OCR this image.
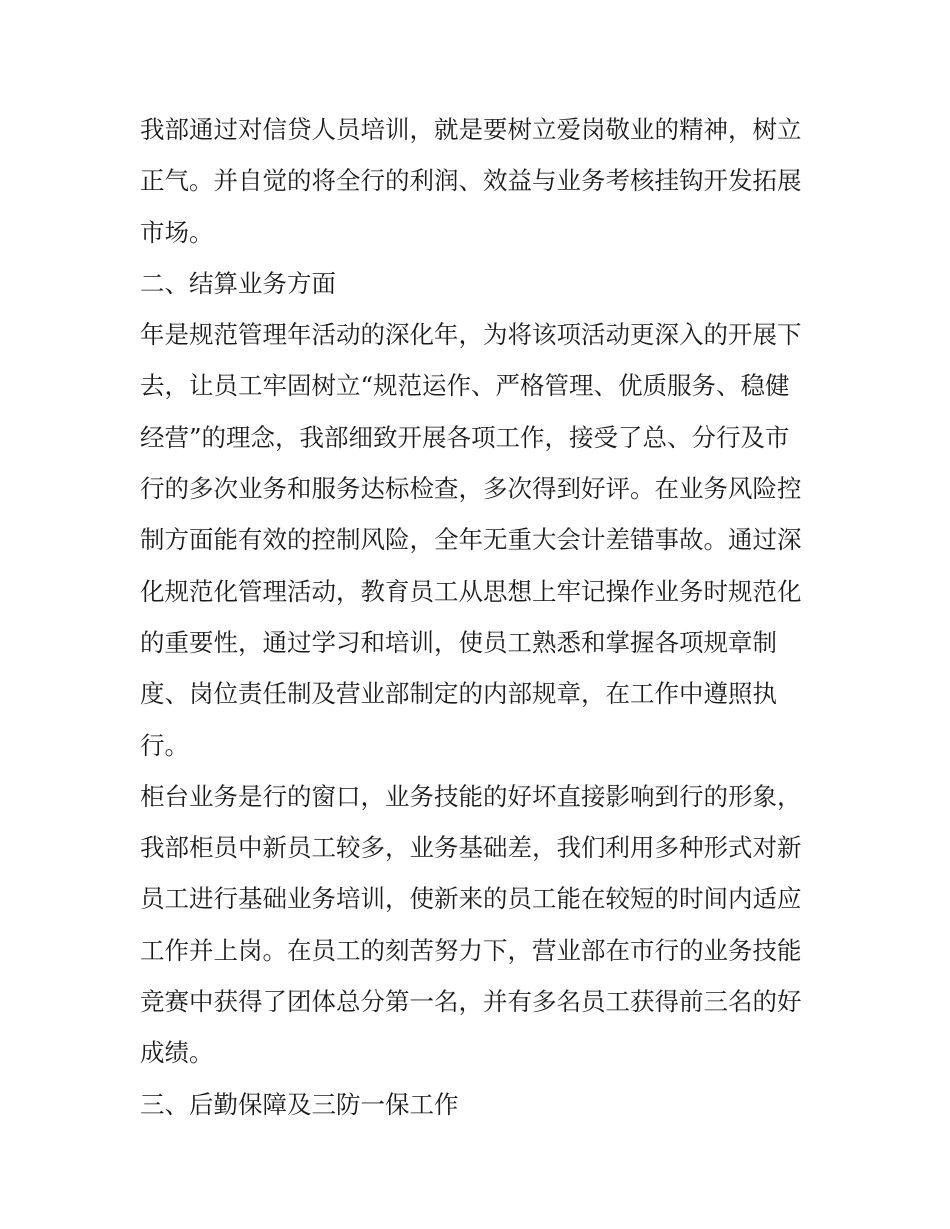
我部通过对信贷人员培训，就是要树立爱岗敬业的精神，树立
正气。并自觉的将全行的利润、效益与业务考核挂钩开发拓展
市场。
二、结算业务方面
年是规范管理年活动的深化年，为将该项活动更深入的开展下
去，让员工牢固树立“规范运作、严格管理、优质服务、稳健
经营”的理念，我部细致开展各项工作，接受了总、分行及市
行的多次业务和服务达标检查，多次得到好评。在业务风险控
制方面能有效的控制风险，全年无重大会计差错事故。通过深
化规范化管理活动，教育员工从思想上牢记操作业务时规范化
的重要性，通过学习和培训，使员工熟悉和掌握各项规章制
度、岗位责任制及营业部制定的内部规章，在工作中遵照执
行。
柜台业务是行的窗口，业务技能的好坏直接影响到行的形象，
我部柜员中新员工较多，业务基础差，我们利用多种形式对新
员工进行基础业务培训，使新来的员工能在较短的时间内适应
工作并上岗。在员工的刻苦努力下，营业部在市行的业务技能
竞赛中获得了团体总分第一名，并有多名员工获得前三名的好
成绩。
三、后勤保障及三防一保工作
